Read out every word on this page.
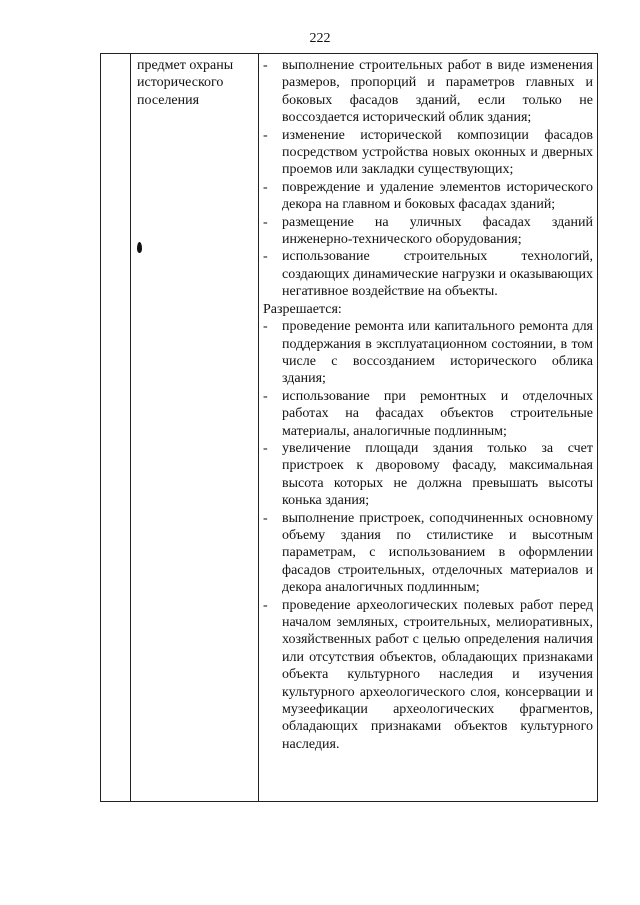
222
предмет охраны исторического поселения
- выполнение строительных работ в виде изменения размеров, пропорций и параметров главных и боковых фасадов зданий, если только не воссоздается исторический облик здания;
- изменение исторической композиции фасадов посредством устройства новых оконных и дверных проемов или закладки существующих;
- повреждение и удаление элементов исторического декора на главном и боковых фасадах зданий;
- размещение на уличных фасадах зданий инженерно-технического оборудования;
- использование строительных технологий, создающих динамические нагрузки и оказывающих негативное воздействие на объекты.
Разрешается:
- проведение ремонта или капитального ремонта для поддержания в эксплуатационном состоянии, в том числе с воссозданием исторического облика здания;
- использование при ремонтных и отделочных работах на фасадах объектов строительные материалы, аналогичные подлинным;
- увеличение площади здания только за счет пристроек к дворовому фасаду, максимальная высота которых не должна превышать высоты конька здания;
- выполнение пристроек, соподчиненных основному объему здания по стилистике и высотным параметрам, с использованием в оформлении фасадов строительных, отделочных материалов и декора аналогичных подлинным;
- проведение археологических полевых работ перед началом земляных, строительных, мелиоративных, хозяйственных работ с целью определения наличия или отсутствия объектов, обладающих признаками объекта культурного наследия и изучения культурного археологического слоя, консервации и музеефикации археологических фрагментов, обладающих признаками объектов культурного наследия.
